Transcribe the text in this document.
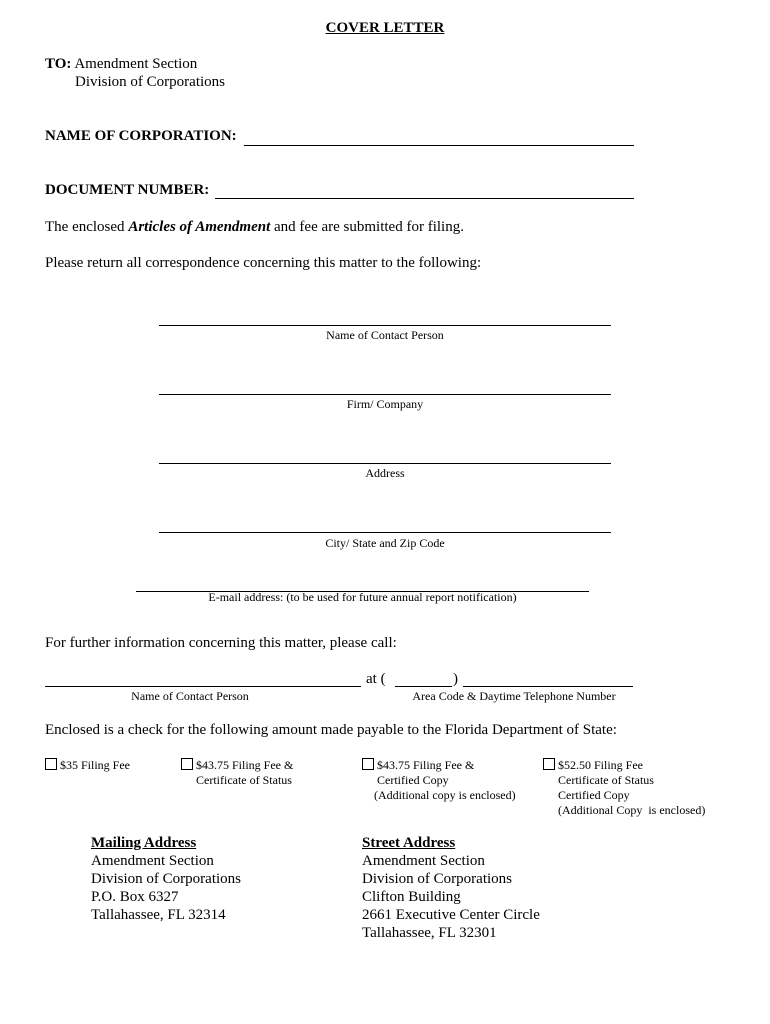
COVER LETTER
TO: Amendment Section
Division of Corporations
NAME OF CORPORATION:
DOCUMENT NUMBER:
The enclosed Articles of Amendment and fee are submitted for filing.
Please return all correspondence concerning this matter to the following:
Name of Contact Person
Firm/ Company
Address
City/ State and Zip Code
E-mail address: (to be used for future annual report notification)
For further information concerning this matter, please call:
at (	)
Name of Contact Person	Area Code & Daytime Telephone Number
Enclosed is a check for the following amount made payable to the Florida Department of State:
$35 Filing Fee	$43.75 Filing Fee &
Certificate of Status
$43.75 Filing Fee &
Certified Copy
(Additional copy is enclosed)
$52.50 Filing Fee
Certificate of Status
Certified Copy
(Additional Copy  is enclosed)
Mailing Address
Amendment Section
Division of Corporations
P.O. Box 6327
Tallahassee, FL 32314
Street Address
Amendment Section
Division of Corporations
Clifton Building
2661 Executive Center Circle
Tallahassee, FL 32301
